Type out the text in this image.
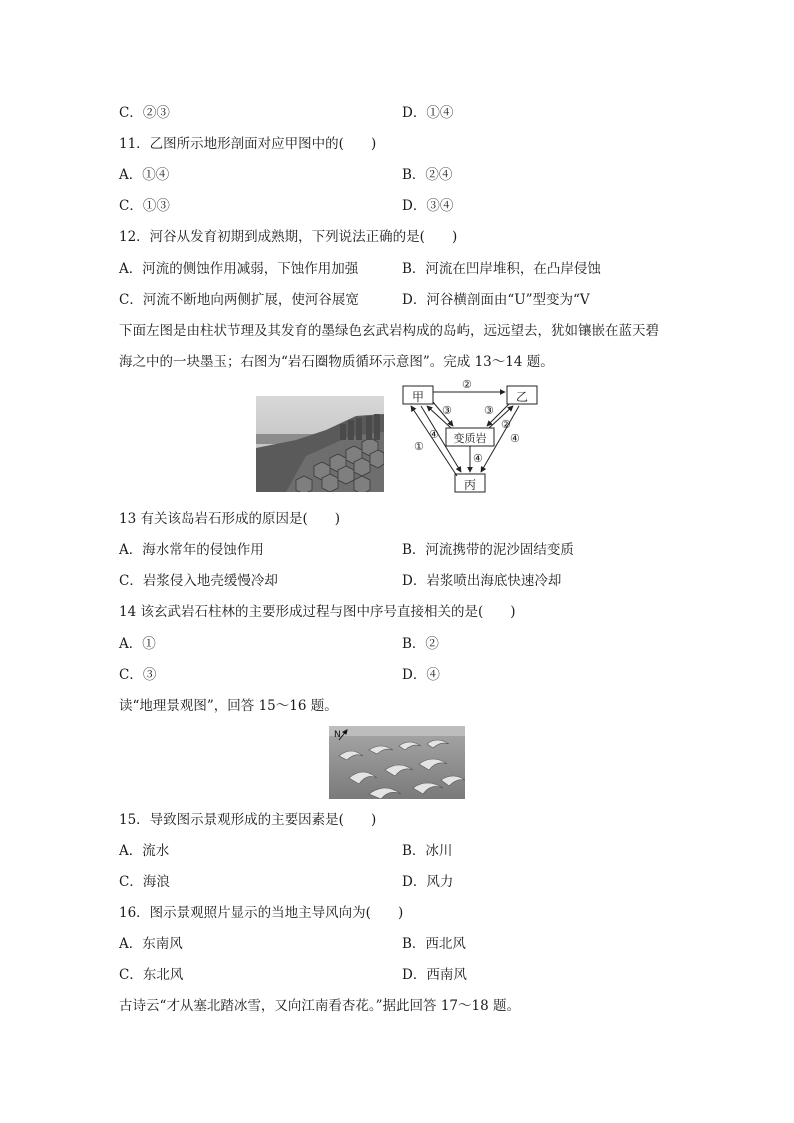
C．②③	D．①④
11．乙图所示地形剖面对应甲图中的(　　)
A．①④	B．②④
C．①③	D．③④
12．河谷从发育初期到成熟期，下列说法正确的是(　　)
A．河流的侧蚀作用减弱，下蚀作用加强	B．河流在凹岸堆积，在凸岸侵蚀
C．河流不断地向两侧扩展，使河谷展宽	D．河谷横剖面由“U”型变为“V
下面左图是由柱状节理及其发育的墨绿色玄武岩构成的岛屿，远远望去，犹如镶嵌在蓝天碧
海之中的一块墨玉；右图为“岩石圈物质循环示意图”。完成 13～14 题。
甲	乙
变质岩
丙
②
③	③
①
④
②
④
④
13 有关该岛岩石形成的原因是(　　)
A．海水常年的侵蚀作用	B．河流携带的泥沙固结变质
C．岩浆侵入地壳缓慢冷却	D．岩浆喷出海底快速冷却
14 该玄武岩石柱林的主要形成过程与图中序号直接相关的是(　　)
A．①	B．②
C．③	D．④
读“地理景观图”，回答 15～16 题。
N
15．导致图示景观形成的主要因素是(　　)
A．流水	B．冰川
C．海浪	D．风力
16．图示景观照片显示的当地主导风向为(　　)
A．东南风	B．西北风
C．东北风	D．西南风
古诗云“才从塞北踏冰雪，又向江南看杏花。”据此回答 17～18 题。
